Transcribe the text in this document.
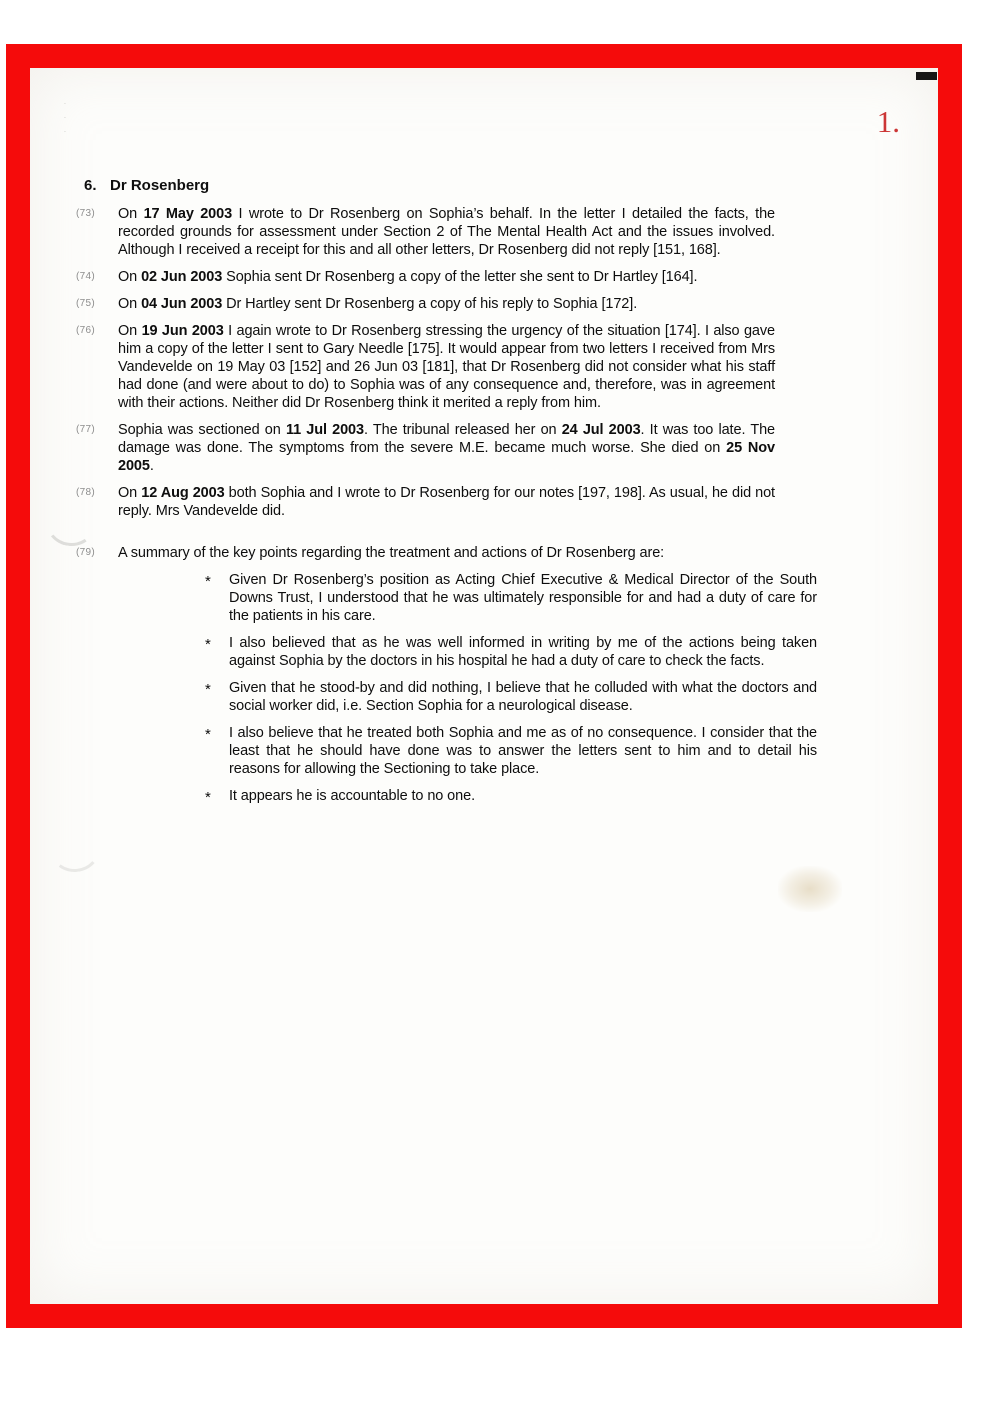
1.
.
.
.
6. Dr Rosenberg
(73)	On 17 May 2003 I wrote to Dr Rosenberg on Sophia’s behalf. In the letter I detailed the facts, the recorded grounds for assessment under Section 2 of The Mental Health Act and the issues involved. Although I received a receipt for this and all other letters, Dr Rosenberg did not reply [151, 168].
(74)	On 02 Jun 2003 Sophia sent Dr Rosenberg a copy of the letter she sent to Dr Hartley [164].
(75)	On 04 Jun 2003 Dr Hartley sent Dr Rosenberg a copy of his reply to Sophia [172].
(76)	On 19 Jun 2003 I again wrote to Dr Rosenberg stressing the urgency of the situation [174]. I also gave him a copy of the letter I sent to Gary Needle [175]. It would appear from two letters I received from Mrs Vandevelde on 19 May 03 [152] and 26 Jun 03 [181], that Dr Rosenberg did not consider what his staff had done (and were about to do) to Sophia was of any consequence and, therefore, was in agreement with their actions. Neither did Dr Rosenberg think it merited a reply from him.
(77)	Sophia was sectioned on 11 Jul 2003. The tribunal released her on 24 Jul 2003. It was too late. The damage was done. The symptoms from the severe M.E. became much worse. She died on 25 Nov 2005.
(78)	On 12 Aug 2003 both Sophia and I wrote to Dr Rosenberg for our notes [197, 198]. As usual, he did not reply. Mrs Vandevelde did.
(79)	A summary of the key points regarding the treatment and actions of Dr Rosenberg are:
*	Given Dr Rosenberg’s position as Acting Chief Executive & Medical Director of the South Downs Trust, I understood that he was ultimately responsible for and had a duty of care for the patients in his care.
*	I also believed that as he was well informed in writing by me of the actions being taken against Sophia by the doctors in his hospital he had a duty of care to check the facts.
*	Given that he stood-by and did nothing, I believe that he colluded with what the doctors and social worker did, i.e. Section Sophia for a neurological disease.
*	I also believe that he treated both Sophia and me as of no consequence. I consider that the least that he should have done was to answer the letters sent to him and to detail his reasons for allowing the Sectioning to take place.
*	It appears he is accountable to no one.
